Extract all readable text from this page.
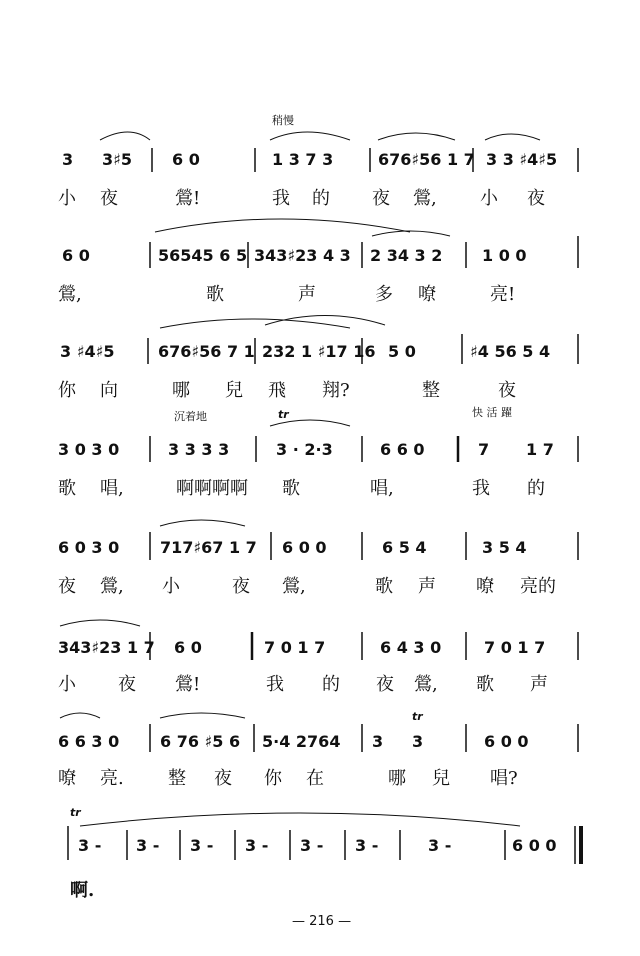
稍慢
3 3♯5 6 0	1 3 7 3	676♯56 1 7 3 3 ♯4♯5
小 夜	鶯!	我 的 夜 鶯, 小 夜
6 0	56545 6 5 343♯23 4 3 2 34 3 2 1 0 0
鶯,	歌	声	多 嘹	亮!
3 ♯4♯5	676♯56 7 1 232 1 ♯17 16 5 0	♯4 56 5 4
你 向	哪 兒 飛 翔?	整	夜
沉着地	tr	快 活 躍
3 0 3 0	3 3 3 3	3 · 2·3	6 6 0	7 1 7
歌 唱,	啊啊啊啊 歌	唱,	我 的
6 0 3 0	717♯67 1 7 6 0 0	6 5 4	3 5 4
夜 鶯, 小	夜 鶯,	歌 声 嘹 亮的
343♯23 1 7 6 0	7 0 1 7	6 4 3 0	7 0 1 7
小 夜 鶯!	我 的 夜 鶯, 歌 声
tr
6 6 3 0	6 76 ♯5 6 5·4 2764 3 3	6 0 0
嘹 亮. 整 夜 你 在	哪 兒 唱?
tr
3 - 3 - 3 - 3 - 3 - 3 -	3 -	6 0 0
啊.
— 216 —
